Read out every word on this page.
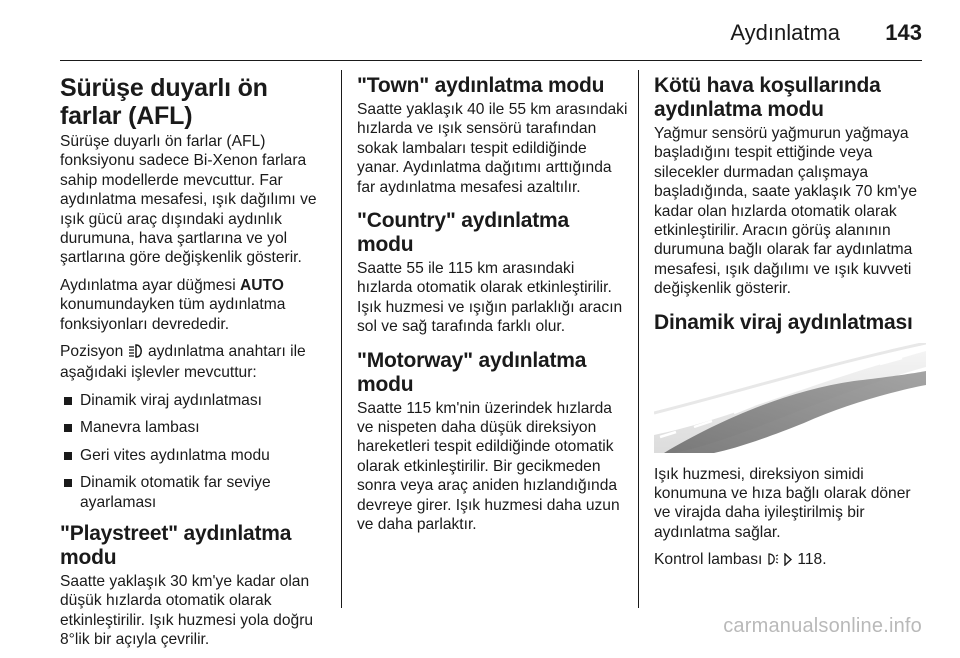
Aydınlatma 143
Sürüşe duyarlı ön farlar (AFL)

Sürüşe duyarlı ön farlar (AFL) fonksiyonu sadece Bi-Xenon farlara sahip modellerde mevcuttur. Far aydınlatma mesafesi, ışık dağılımı ve ışık gücü araç dışındaki aydınlık durumuna, hava şartlarına ve yol şartlarına göre değişkenlik gösterir.

Aydınlatma ayar düğmesi AUTO konumundayken tüm aydınlatma fonksiyonları devrededir.

Pozisyon  aydınlatma anahtarı ile aşağıdaki işlevler mevcuttur:

Dinamik viraj aydınlatması
Manevra lambası
Geri vites aydınlatma modu
Dinamik otomatik far seviye ayarlaması
"Playstreet" aydınlatma modu

Saatte yaklaşık 30 km'ye kadar olan düşük hızlarda otomatik olarak etkinleştirilir. Işık huzmesi yola doğru 8°lik bir açıyla çevrilir.

"Town" aydınlatma modu

Saatte yaklaşık 40 ile 55 km arasındaki hızlarda ve ışık sensörü tarafından sokak lambaları tespit edildiğinde yanar. Aydınlatma dağıtımı arttığında far aydınlatma mesafesi azaltılır.

"Country" aydınlatma modu

Saatte 55 ile 115 km arasındaki hızlarda otomatik olarak etkinleştirilir. Işık huzmesi ve ışığın parlaklığı aracın sol ve sağ tarafında farklı olur.

"Motorway" aydınlatma modu

Saatte 115 km'nin üzerindek hızlarda ve nispeten daha düşük direksiyon hareketleri tespit edildiğinde otomatik olarak etkinleştirilir. Bir gecikmeden sonra veya araç aniden hızlandığında devreye girer. Işık huzmesi daha uzun ve daha parlaktır.

Kötü hava koşullarında aydınlatma modu

Yağmur sensörü yağmurun yağmaya başladığını tespit ettiğinde veya silecekler durmadan çalışmaya başladığında, saate yaklaşık 70 km'ye kadar olan hızlarda otomatik olarak etkinleştirilir. Aracın görüş alanının durumuna bağlı olarak far aydınlatma mesafesi, ışık dağılımı ve ışık kuvveti değişkenlik gösterir.

Dinamik viraj aydınlatması

Işık huzmesi, direksiyon simidi konumuna ve hıza bağlı olarak döner ve virajda daha iyileştirilmiş bir aydınlatma sağlar.

Kontrol lambası   118.

carmanualsonline.info
